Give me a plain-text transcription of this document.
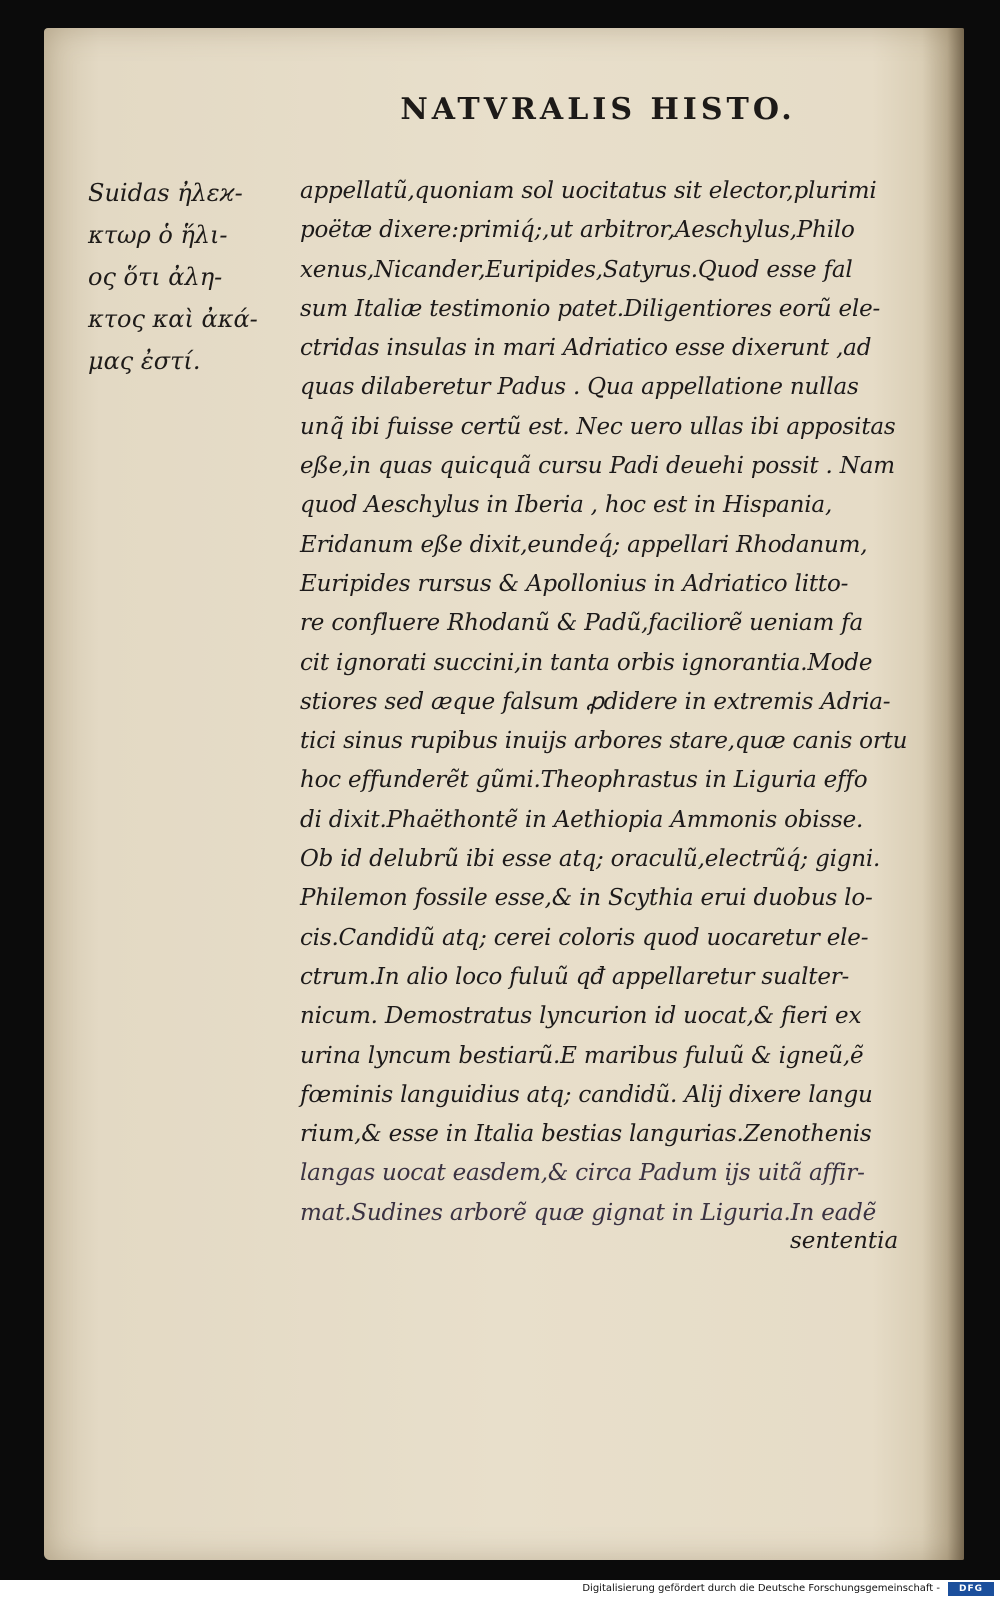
NATVRALIS HISTO.
Suidas ἠλεϰ-
κτωρ ὁ ἥλι-
ος ὅτι ἀλη-
κτος καὶ ἀκά-
μας ἐστί.
appellatũ,quoniam sol uocitatus sit elector,plurimi
poëtæ dixere:primiq́;,ut arbitror,Aeschylus,Philo
xenus,Nicander,Euripides,Satyrus.Quod esse fal
sum Italiæ testimonio patet.Diligentiores eorũ ele-
ctridas insulas in mari Adriatico esse dixerunt ,ad
quas dilaberetur Padus . Qua appellatione nullas
unq̃ ibi fuisse certũ est. Nec uero ullas ibi appositas
eße,in quas quicquã cursu Padi deuehi possit . Nam
quod Aeschylus in Iberia , hoc est in Hispania,
Eridanum eße dixit,eundeq́; appellari Rhodanum,
Euripides rursus & Apollonius in Adriatico litto-
re confluere Rhodanũ & Padũ,faciliorẽ ueniam fa
cit ignorati succini,in tanta orbis ignorantia.Mode
stiores sed æque falsum ꝓdidere in extremis Adria-
tici sinus rupibus inuijs arbores stare,quæ canis ortu
hoc effunderẽt gũmi.Theophrastus in Liguria effo
di dixit.Phaëthontẽ in Aethiopia Ammonis obisse.
Ob id delubrũ ibi esse atq; oraculũ,electrũq́; gigni.
Philemon fossile esse,& in Scythia erui duobus lo-
cis.Candidũ atq; cerei coloris quod uocaretur ele-
ctrum.In alio loco fuluũ qđ appellaretur sualter-
nicum. Demostratus lyncurion id uocat,& fieri ex
urina lyncum bestiarũ.E maribus fuluũ & igneũ,ẽ
fœminis languidius atq; candidũ. Alij dixere langu
rium,& esse in Italia bestias langurias.Zenothenis
langas uocat easdem,& circa Padum ijs uitã affir-
mat.Sudines arborẽ quæ gignat in Liguria.In eadẽ
sententia
Digitalisierung gefördert durch die Deutsche Forschungsgemeinschaft -	DFG
